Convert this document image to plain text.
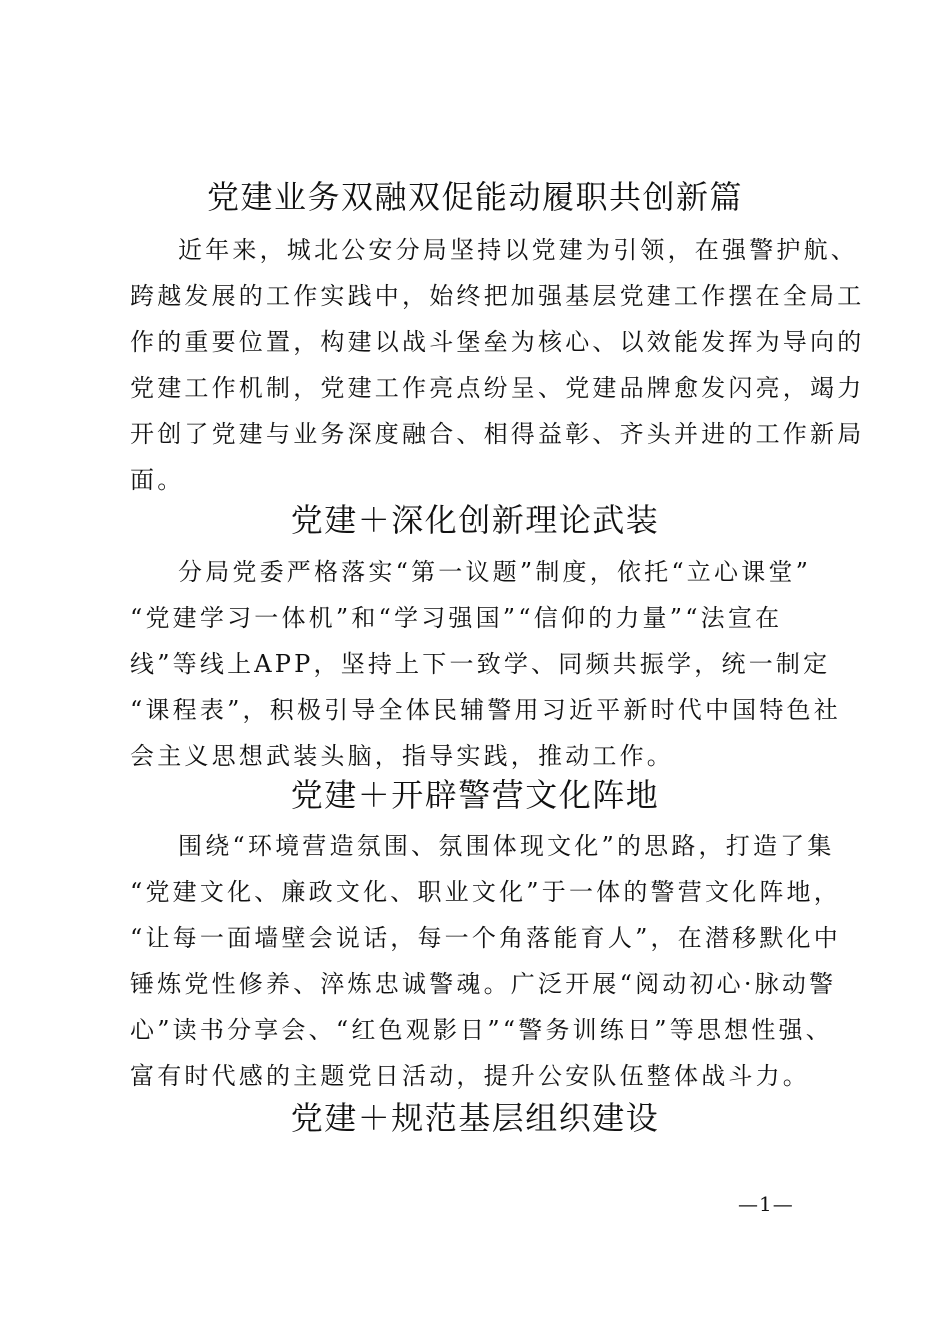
党建业务双融双促能动履职共创新篇
近年来，城北公安分局坚持以党建为引领，在强警护航、
跨越发展的工作实践中，始终把加强基层党建工作摆在全局工
作的重要位置，构建以战斗堡垒为核心、以效能发挥为导向的
党建工作机制，党建工作亮点纷呈、党建品牌愈发闪亮，竭力
开创了党建与业务深度融合、相得益彰、齐头并进的工作新局
面。
党建＋深化创新理论武装
分局党委严格落实“第一议题”制度，依托“立心课堂”
“党建学习一体机”和“学习强国”“信仰的力量”“法宣在
线”等线上APP，坚持上下一致学、同频共振学，统一制定
“课程表”，积极引导全体民辅警用习近平新时代中国特色社
会主义思想武装头脑，指导实践，推动工作。
党建＋开辟警营文化阵地
围绕“环境营造氛围、氛围体现文化”的思路，打造了集
“党建文化、廉政文化、职业文化”于一体的警营文化阵地，
“让每一面墙壁会说话，每一个角落能育人”，在潜移默化中
锤炼党性修养、淬炼忠诚警魂。广泛开展“阅动初心·脉动警
心”读书分享会、“红色观影日”“警务训练日”等思想性强、
富有时代感的主题党日活动，提升公安队伍整体战斗力。
党建＋规范基层组织建设
—1—
